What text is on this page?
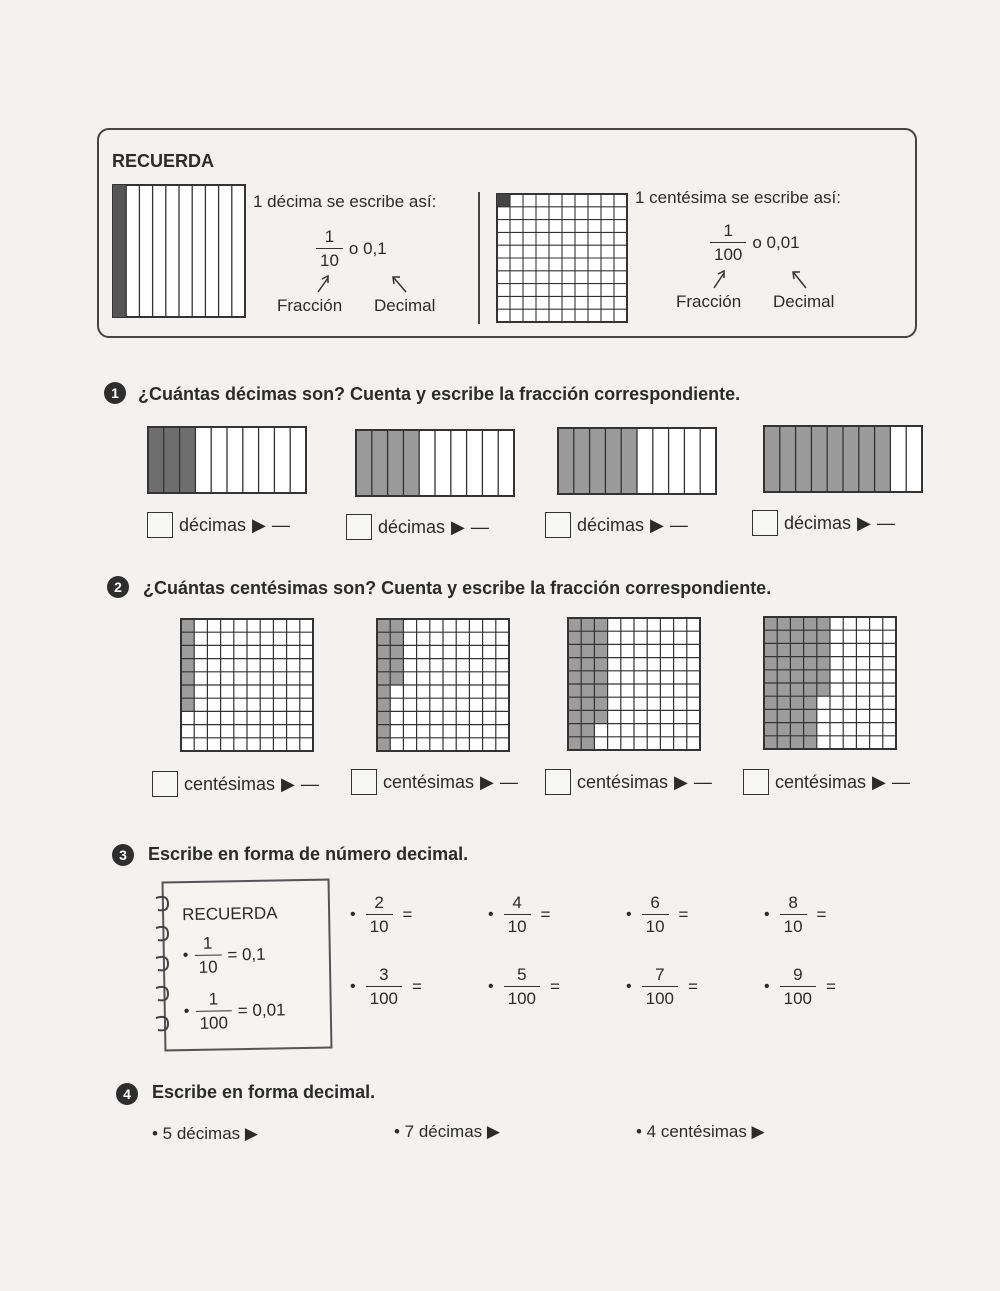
RECUERDA
1 décima se escribe así:
$\frac{1}{10}$ o 0,1
Fracción Decimal
1 centésima se escribe así:
$\frac{1}{100}$ o 0,01
Fracción Decimal
1	¿Cuántas décimas son? Cuenta y escribe la fracción correspondiente.
décimas ▶ —	décimas ▶ —	décimas ▶ —	décimas ▶ —
2	¿Cuántas centésimas son? Cuenta y escribe la fracción correspondiente.
centésimas ▶ —	centésimas ▶ —	centésimas ▶ —	centésimas ▶ —
3	Escribe en forma de número decimal.
RECUERDA
• $\frac{1}{10} = 0,1$
• $\frac{1}{100} = 0,01$
• $\frac{2}{10}$ =	• $\frac{4}{10}$ =	• $\frac{6}{10}$ =	• $\frac{8}{10}$ =
• $\frac{3}{100}$ =	• $\frac{5}{100}$ =	• $\frac{7}{100}$ =	• $\frac{9}{100}$ =
4	Escribe en forma decimal.
• 5 décimas ▶	• 7 décimas ▶	• 4 centésimas ▶
